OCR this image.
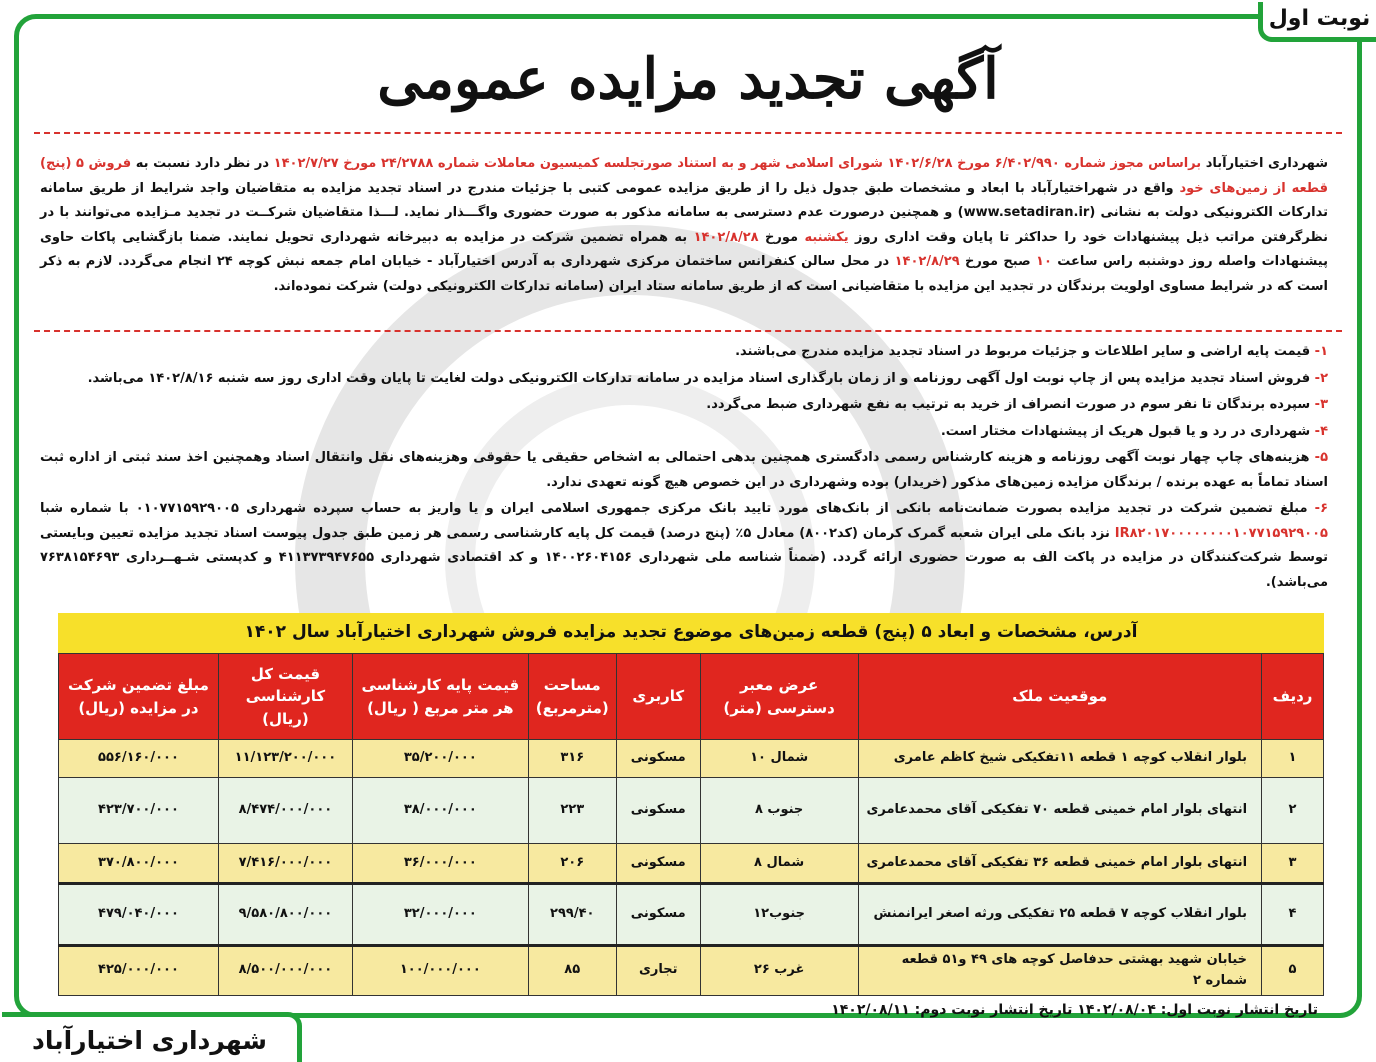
نوبت اول
آگهی تجدید مزایده عمومی
شهرداری اختیارآباد براساس مجوز شماره ۶/۴۰۲/۹۹۰ مورخ ۱۴۰۲/۶/۲۸ شورای اسلامی شهر و به استناد صورتجلسه کمیسیون معاملات شماره ۲۴/۲۷۸۸ مورخ ۱۴۰۲/۷/۲۷ در نظر دارد نسبت به فروش ۵ (پنج) قطعه از زمین‌های خود واقع در شهراختیارآباد با ابعاد و مشخصات طبق جدول ذیل را از طریق مزایده عمومی کتبی با جزئیات مندرج در اسناد تجدید مزایده به متقاضیان واجد شرایط از طریق سامانه تدارکات الکترونیکی دولت به نشانی (www.setadiran.ir) و همچنین درصورت عدم دسترسی به سامانه مذکور به صورت حضوری واگـــذار نماید. لـــذا متقاضیان شرکــت در تجدید مـزایده می‌توانند با در نظرگرفتن مراتب ذیل پیشنهادات خود را حداکثر تا پایان وقت اداری روز یکشنبه مورخ ۱۴۰۲/۸/۲۸ به همراه تضمین شرکت در مزایده به دبیرخانه شهرداری تحویل نمایند. ضمنا بازگشایی پاکات حاوی پیشنهادات واصله روز دوشنبه راس ساعت ۱۰ صبح مورخ ۱۴۰۲/۸/۲۹ در محل سالن کنفرانس ساختمان مرکزی شهرداری به آدرس اختیارآباد - خیابان امام جمعه نبش کوچه ۲۴ انجام می‌گردد. لازم به ذکر است که در شرایط مساوی اولویت برندگان در تجدید این مزایده با متقاضیانی است که از طریق سامانه ستاد ایران (سامانه تدارکات الکترونیکی دولت) شرکت نموده‌اند.

۱- قیمت پایه اراضی و سایر اطلاعات و جزئیات مربوط در اسناد تجدید مزایده مندرج می‌باشند.

۲- فروش اسناد تجدید مزایده پس از چاپ نوبت اول آگهی روزنامه و از زمان بارگذاری اسناد مزایده در سامانه تدارکات الکترونیکی دولت لغایت تا پایان وقت اداری روز سه شنبه ۱۴۰۲/۸/۱۶ می‌باشد.

۳- سپرده برندگان تا نفر سوم در صورت انصراف از خرید به ترتیب به نفع شهرداری ضبط می‌گردد.

۴- شهرداری در رد و یا قبول هریک از پیشنهادات مختار است.

۵- هزینه‌های چاپ چهار نوبت آگهی روزنامه و هزینه کارشناس رسمی دادگستری همچنین بدهی احتمالی به اشخاص حقیقی یا حقوقی وهزینه‌های نقل وانتقال اسناد وهمچنین اخذ سند ثبتی از اداره ثبت اسناد تماماً به عهده برنده / برندگان مزایده زمین‌های مذکور (خریدار) بوده وشهرداری در این خصوص هیچ گونه تعهدی ندارد.

۶- مبلغ تضمین شرکت در تجدید مزایده بصورت ضمانت‌نامه بانکی از بانک‌های مورد تایید بانک مرکزی جمهوری اسلامی ایران و یا واریز به حساب سپرده شهرداری ۰۱۰۷۷۱۵۹۲۹۰۰۵ با شماره شبا IR۸۲۰۱۷۰۰۰۰۰۰۰۰۱۰۷۷۱۵۹۲۹۰۰۵ نزد بانک ملی ایران شعبه گمرک کرمان (کد۸۰۰۲) معادل ۵٪ (پنج درصد) قیمت کل پایه کارشناسی رسمی هر زمین طبق جدول پیوست اسناد تجدید مزایده تعیین وبایستی توسط شرکت‌کنندگان در مزایده در پاکت الف به صورت حضوری ارائه گردد. (ضمناً شناسه ملی شهرداری ۱۴۰۰۲۶۰۴۱۵۶ و کد اقتصادی شهرداری ۴۱۱۳۷۳۹۴۷۶۵۵ و کدپستی شـهــرداری ۷۶۳۸۱۵۴۶۹۳ می‌باشد).

آدرس، مشخصات و ابعاد ۵ (پنج) قطعه زمین‌های موضوع تجدید مزایده فروش شهرداری اختیارآباد سال ۱۴۰۲
ردیف	موقعیت ملک	عرض معبر دسترسی (متر)	کاربری	مساحت (مترمربع)	قیمت پایه کارشناسی هر متر مربع ( ریال)	قیمت کل کارشناسی (ریال)	مبلغ تضمین شرکت در مزایده (ریال)
۱	بلوار انقلاب کوچه ۱ قطعه ۱۱تفکیکی شیخ کاظم عامری	شمال ۱۰	مسکونی	۳۱۶	۳۵/۲۰۰/۰۰۰	۱۱/۱۲۳/۲۰۰/۰۰۰	۵۵۶/۱۶۰/۰۰۰
۲	انتهای بلوار امام خمینی قطعه ۷۰ تفکیکی آقای محمدعامری	جنوب ۸	مسکونی	۲۲۳	۳۸/۰۰۰/۰۰۰	۸/۴۷۴/۰۰۰/۰۰۰	۴۲۳/۷۰۰/۰۰۰
۳	انتهای بلوار امام خمینی قطعه ۳۶ تفکیکی آقای محمدعامری	شمال ۸	مسکونی	۲۰۶	۳۶/۰۰۰/۰۰۰	۷/۴۱۶/۰۰۰/۰۰۰	۳۷۰/۸۰۰/۰۰۰
۴	بلوار انقلاب کوچه ۷ قطعه ۲۵ تفکیکی ورثه اصغر ایرانمنش	جنوب۱۲	مسکونی	۲۹۹/۴۰	۳۲/۰۰۰/۰۰۰	۹/۵۸۰/۸۰۰/۰۰۰	۴۷۹/۰۴۰/۰۰۰
۵	خیابان شهید بهشتی حدفاصل کوچه های ۴۹ و۵۱ قطعه شماره ۲	غرب ۲۶	تجاری	۸۵	۱۰۰/۰۰۰/۰۰۰	۸/۵۰۰/۰۰۰/۰۰۰	۴۲۵/۰۰۰/۰۰۰
تاریخ انتشار نوبت اول: ۱۴۰۲/۰۸/۰۴ تاریخ انتشار نوبت دوم: ۱۴۰۲/۰۸/۱۱
شهرداری اختیارآباد
